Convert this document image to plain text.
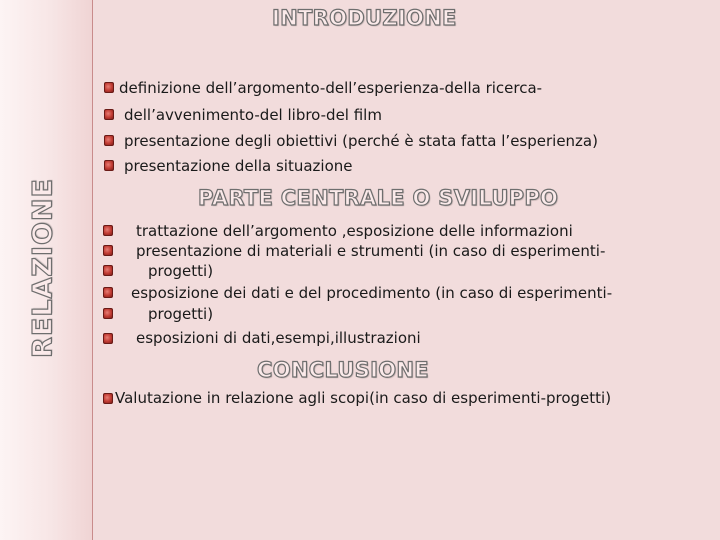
RELAZIONE
INTRODUZIONE
definizione dell’argomento-dell’esperienza-della ricerca-
dell’avvenimento-del libro-del film
presentazione degli obiettivi (perché è stata fatta l’esperienza)
presentazione della situazione
PARTE CENTRALE O SVILUPPO
trattazione dell’argomento ,esposizione delle informazioni
presentazione di materiali e strumenti (in caso di esperimenti-
progetti)
esposizione dei dati e del procedimento (in caso di esperimenti-
progetti)
esposizioni di dati,esempi,illustrazioni
CONCLUSIONE
Valutazione in relazione agli scopi(in caso di esperimenti-progetti)
